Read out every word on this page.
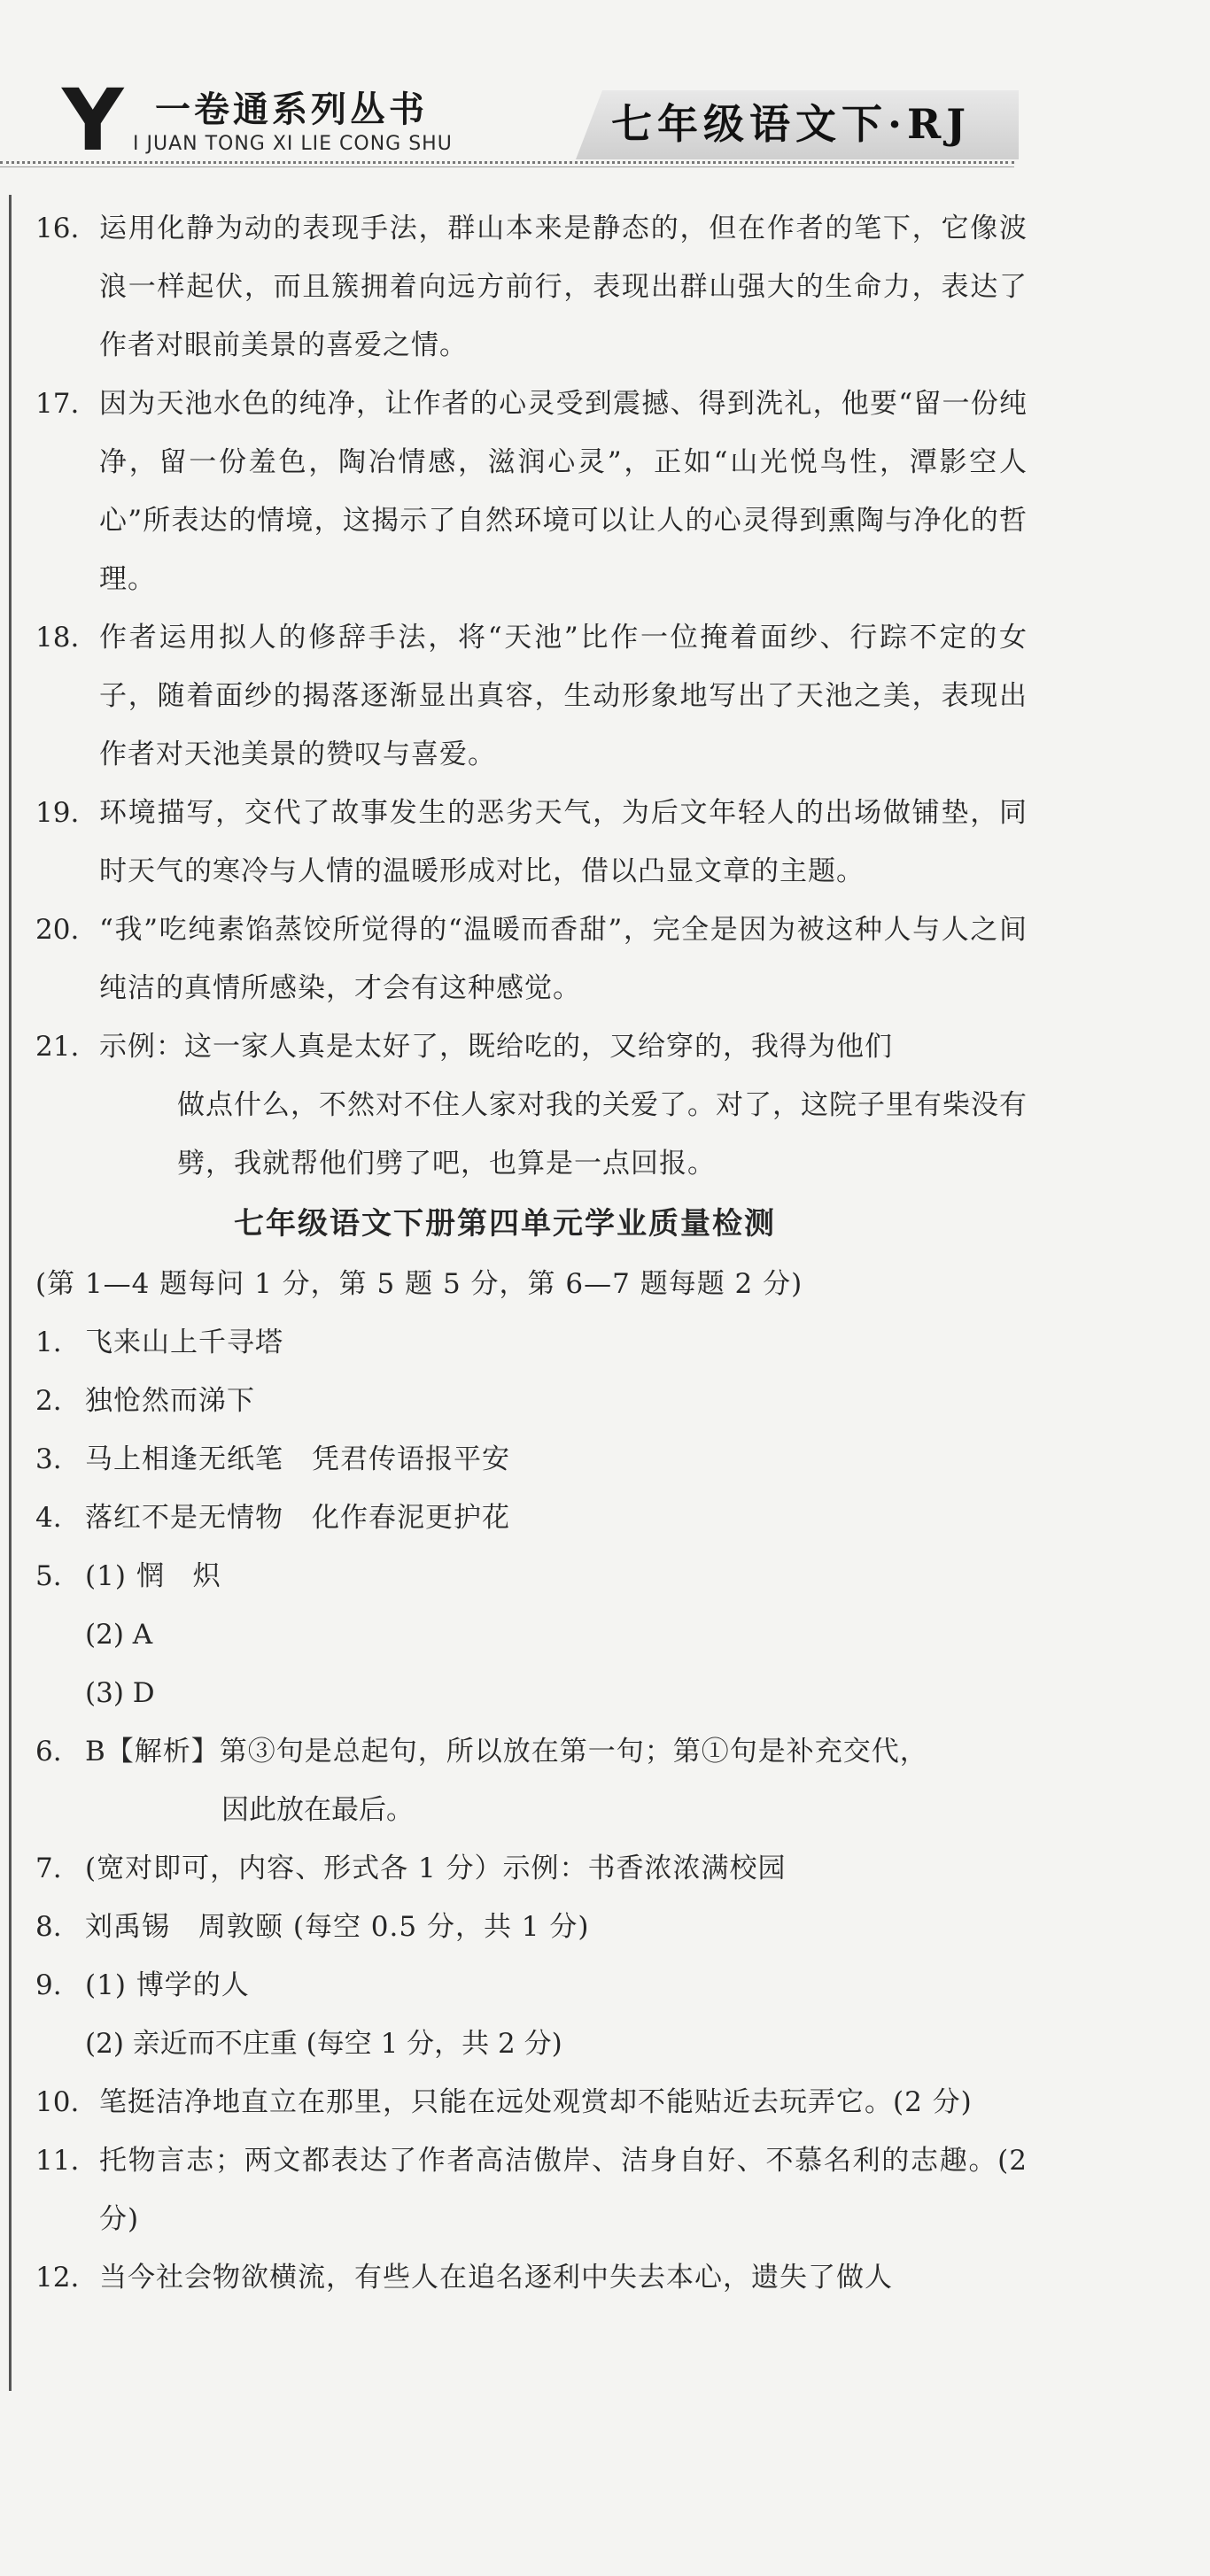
Y 一卷通系列丛书
I JUAN TONG XI LIE CONG SHU	七年级语文下·RJ
16. 运用化静为动的表现手法，群山本来是静态的，但在作者的笔下，它像波浪一样起伏，而且簇拥着向远方前行，表现出群山强大的生命力，表达了作者对眼前美景的喜爱之情。
17. 因为天池水色的纯净，让作者的心灵受到震撼、得到洗礼，他要“留一份纯净，留一份羞色，陶冶情感，滋润心灵”，正如“山光悦鸟性，潭影空人心”所表达的情境，这揭示了自然环境可以让人的心灵得到熏陶与净化的哲理。
18. 作者运用拟人的修辞手法，将“天池”比作一位掩着面纱、行踪不定的女子，随着面纱的揭落逐渐显出真容，生动形象地写出了天池之美，表现出作者对天池美景的赞叹与喜爱。
19. 环境描写，交代了故事发生的恶劣天气，为后文年轻人的出场做铺垫，同时天气的寒冷与人情的温暖形成对比，借以凸显文章的主题。
20. “我”吃纯素馅蒸饺所觉得的“温暖而香甜”，完全是因为被这种人与人之间纯洁的真情所感染，才会有这种感觉。
21. 示例：这一家人真是太好了，既给吃的，又给穿的，我得为他们
做点什么，不然对不住人家对我的关爱了。对了，这院子里有柴没有劈，我就帮他们劈了吧，也算是一点回报。
七年级语文下册第四单元学业质量检测
(第 1—4 题每问 1 分，第 5 题 5 分，第 6—7 题每题 2 分)
1. 飞来山上千寻塔
2. 独怆然而涕下
3. 马上相逢无纸笔　凭君传语报平安
4. 落红不是无情物　化作春泥更护花
5. (1) 惘　炽
(2) A
(3) D
6. B【解析】第③句是总起句，所以放在第一句；第①句是补充交代，
因此放在最后。
7. (宽对即可，内容、形式各 1 分）示例：书香浓浓满校园
8. 刘禹锡　周敦颐 (每空 0.5 分，共 1 分)
9. (1) 博学的人
(2) 亲近而不庄重 (每空 1 分，共 2 分)
10. 笔挺洁净地直立在那里，只能在远处观赏却不能贴近去玩弄它。(2 分)
11. 托物言志；两文都表达了作者高洁傲岸、洁身自好、不慕名利的志趣。(2 分)
12. 当今社会物欲横流，有些人在追名逐利中失去本心，遗失了做人
